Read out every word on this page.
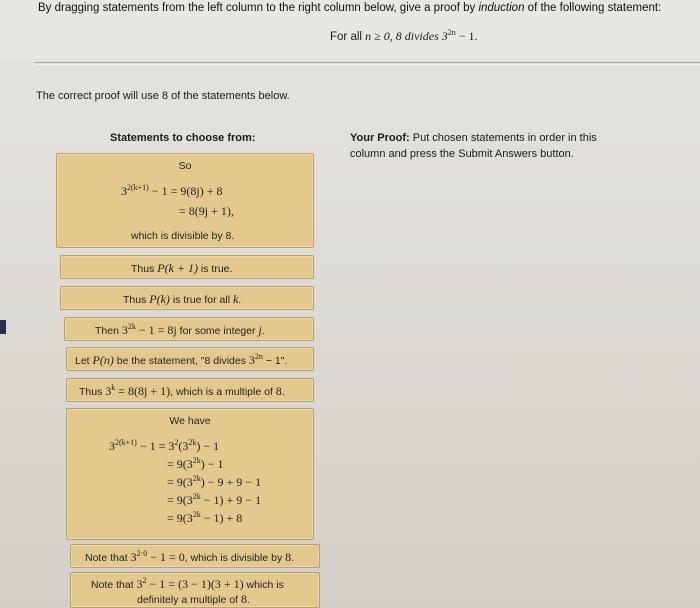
By dragging statements from the left column to the right column below, give a proof by induction of the following statement:
For all n ≥ 0, 8 divides $3^{2n} - 1$.
The correct proof will use 8 of the statements below.
Statements to choose from:	Your Proof: Put chosen statements in order in this column and press the Submit Answers button.
So
$3^{2(k+1)} - 1 = 9(8j) + 8$
= 8(9j + 1),
which is divisible by 8.
Thus P(k + 1) is true.
Thus P(k) is true for all k.
Then $3^{2k} - 1 = 8j$ for some integer j.
Let P(n) be the statement, "8 divides $3^{2n} - 1$".
Thus $3^k = 8(8j + 1)$, which is a multiple of 8.
We have
$3^{2(k+1)} - 1 = 3^2(3^{2k}) - 1$
= $9(3^{2k}) - 1$
= $9(3^{2k}) - 9 + 9 - 1$
= $9(3^{2k} - 1) + 9 - 1$
= $9(3^{2k} - 1) + 8$
Note that $3^{2\cdot 0} - 1 = 0$, which is divisible by 8.
Note that $3^2 - 1 = (3 - 1)(3 + 1)$ which is
definitely a multiple of 8.
